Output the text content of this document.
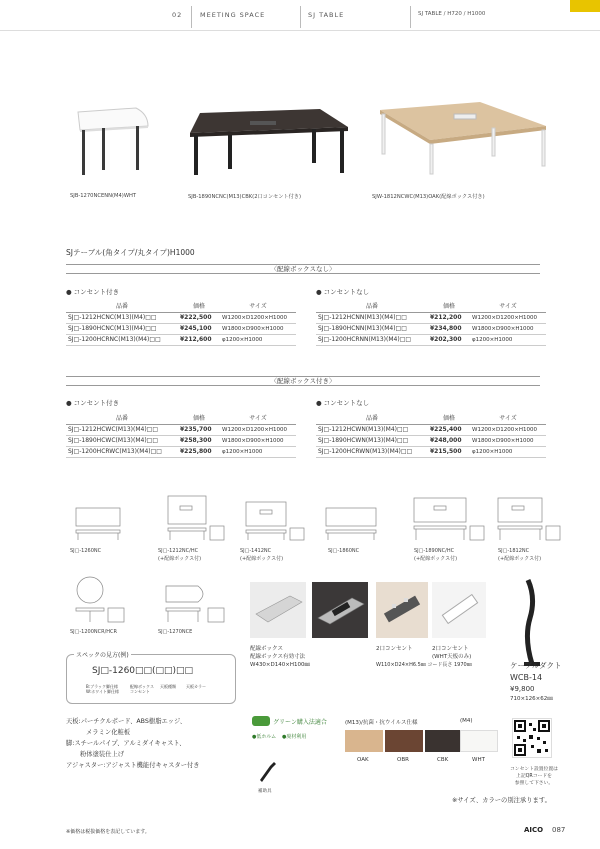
02	MEETING SPACE	SJ TABLE	SJ TABLE / H720 / H1000
SJB-1270NCENN(M4)WHT	SJB-1890NCNC(M13)CBK(2口コンセント付き)	SJW-1812NCWC(M13)OAK(配線ボックス付き)
SJテーブル(角タイプ/丸タイプ)H1000
〈配線ボックスなし〉
● コンセント付き	● コンセントなし
品番	価格	サイズ
SJ□-1212HCNC(M13)(M4)□□	¥222,500	W1200×D1200×H1000
SJ□-1890HCNC(M13)(M4)□□	¥245,100	W1800×D900×H1000
SJ□-1200HCRNC(M13)(M4)□□	¥212,600	φ1200×H1000
品番	価格	サイズ
SJ□-1212HCNN(M13)(M4)□□	¥212,200	W1200×D1200×H1000
SJ□-1890HCNN(M13)(M4)□□	¥234,800	W1800×D900×H1000
SJ□-1200HCRNN(M13)(M4)□□	¥202,300	φ1200×H1000
〈配線ボックス付き〉
● コンセント付き	● コンセントなし
品番	価格	サイズ
SJ□-1212HCWC(M13)(M4)□□	¥235,700	W1200×D1200×H1000
SJ□-1890HCWC(M13)(M4)□□	¥258,300	W1800×D900×H1000
SJ□-1200HCRWC(M13)(M4)□□	¥225,800	φ1200×H1000
品番	価格	サイズ
SJ□-1212HCWN(M13)(M4)□□	¥225,400	W1200×D1200×H1000
SJ□-1890HCWN(M13)(M4)□□	¥248,000	W1800×D900×H1000
SJ□-1200HCRWN(M13)(M4)□□	¥215,500	φ1200×H1000
SJ□-1260NC	SJ□-1212NC/HC
(+配線ボックス付)
SJ□-1412NC
(+配線ボックス付)
SJ□-1860NC	SJ□-1890NC/HC
(+配線ボックス付)
SJ□-1812NC
(+配線ボックス付)
SJ□-1200NCR/HCR	SJ□-1270NCE
スペックの見方(例)
SJ□-1260□□(□□)□□
B:ブラック脚仕様 W:ホワイト脚仕様
配線ボックス コンセント
天板種類	天板カラー
配線ボックス
配線ボックス有効寸法
W430×D140×H100㎜
2口コンセント	2口コンセント
(WHT天板のみ)
W110×D24×H6.5㎜ コード長さ 1970㎜	ケーブルダクト
WCB-14
¥9,800
710×126×62㎜
天板:パーチクルボード、ABS樹脂エッジ、
メラミン化粧板
脚:スチールパイプ、アルミダイキャスト、
粉体塗装仕上げ
アジャスター:アジャスト機能付キャスター付き
グリーン購入法適合
●低ホルム ●廃材利用
補助具
(M13)/抗菌・抗ウイルス仕様	(M4)
OAK	OBR	CBK	WHT
コンセント設置位置は
上記QRコードを
参照して下さい。
※サイズ、カラーの別注承ります。
※価格は税抜価格を表記しています。	AICO 087
